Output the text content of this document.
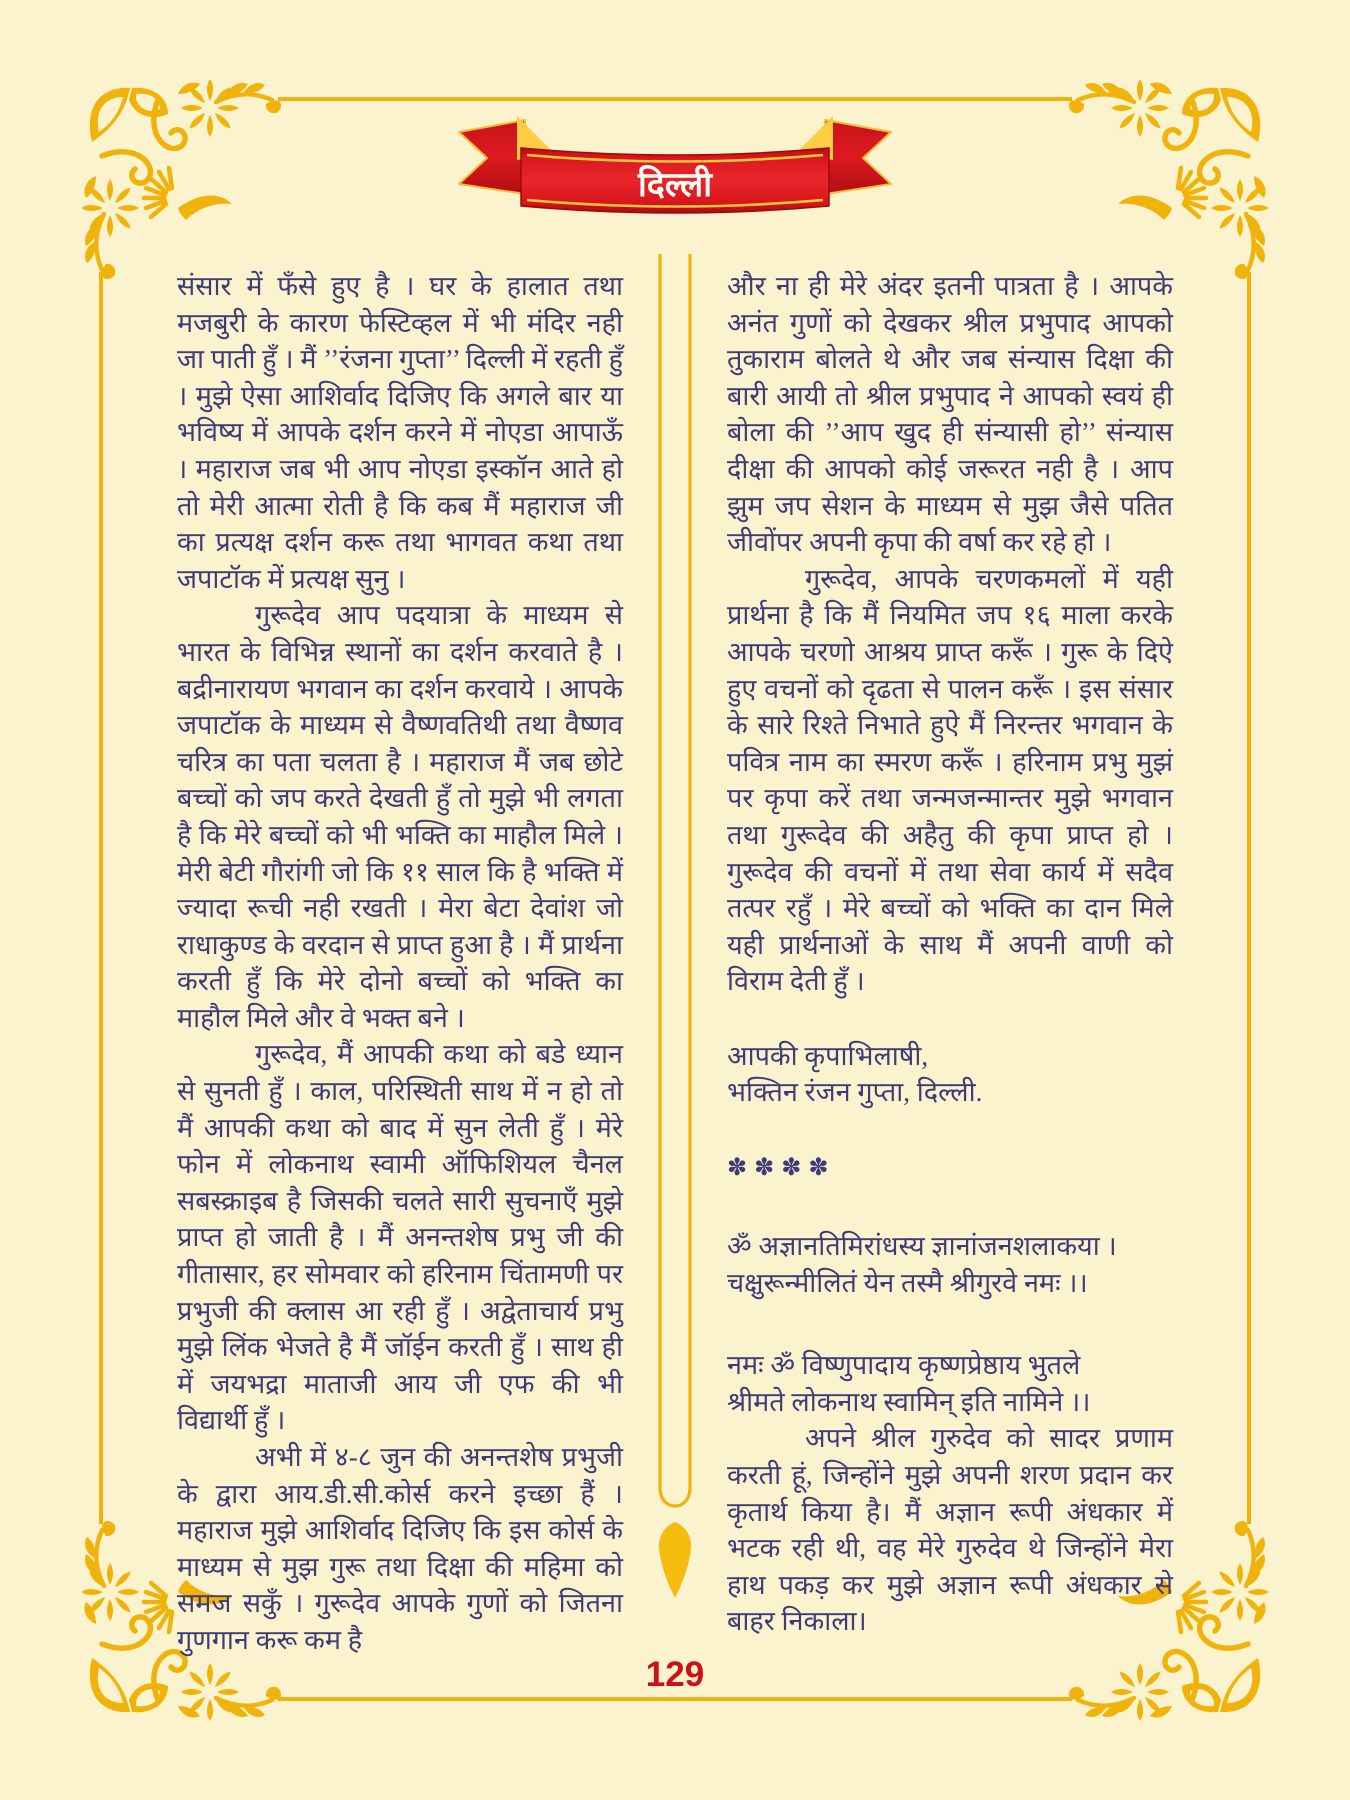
दिल्ली

संसार में फँसे हुए है । घर के हालात तथा मजबुरी के कारण फेस्टिव्हल में भी मंदिर नही जा पाती हुँ । मैं ’’रंजना गुप्ता’’ दिल्ली में रहती हुँ । मुझे ऐसा आशिर्वाद दिजिए कि अगले बार या भविष्य में आपके दर्शन करने में नोएडा आपाऊँ । महाराज जब भी आप नोएडा इस्कॉन आते हो तो मेरी आत्मा रोती है कि कब मैं महाराज जी का प्रत्यक्ष दर्शन करू तथा भागवत कथा तथा जपाटॉक में प्रत्यक्ष सुनु ।

गुरूदेव आप पदयात्रा के माध्यम से भारत के विभिन्न स्थानों का दर्शन करवाते है । बद्रीनारायण भगवान का दर्शन करवाये । आपके जपाटॉक के माध्यम से वैष्णवतिथी तथा वैष्णव चरित्र का पता चलता है । महाराज मैं जब छोटे बच्चों को जप करते देखती हुँ तो मुझे भी लगता है कि मेरे बच्चों को भी भक्ति का माहौल मिले । मेरी बेटी गौरांगी जो कि ११ साल कि है भक्ति में ज्यादा रूची नही रखती । मेरा बेटा देवांश जो राधाकुण्ड के वरदान से प्राप्त हुआ है । मैं प्रार्थना करती हुँ कि मेरे दोनो बच्चों को भक्ति का माहौल मिले और वे भक्त बने ।

गुरूदेव, मैं आपकी कथा को बडे ध्यान से सुनती हुँ । काल, परिस्थिती साथ में न हो तो मैं आपकी कथा को बाद में सुन लेती हुँ । मेरे फोन में लोकनाथ स्वामी ऑफिशियल चैनल सबस्क्राइब है जिसकी चलते सारी सुचनाएँ मुझे प्राप्त हो जाती है । मैं अनन्तशेष प्रभु जी की गीतासार, हर सोमवार को हरिनाम चिंतामणी पर प्रभुजी की क्लास आ रही हुँ । अद्वेताचार्य प्रभु मुझे लिंक भेजते है मैं जॉईन करती हुँ । साथ ही में जयभद्रा माताजी आय जी एफ की भी विद्यार्थी हुँ ।

अभी में ४-८ जुन की अनन्तशेष प्रभुजी के द्वारा आय.डी.सी.कोर्स करने इच्छा हैं । महाराज मुझे आशिर्वाद दिजिए कि इस कोर्स के माध्यम से मुझ गुरू तथा दिक्षा की महिमा को समज सकुँ । गुरूदेव आपके गुणों को जितना गुणगान करू कम है

और ना ही मेरे अंदर इतनी पात्रता है । आपके अनंत गुणों को देखकर श्रील प्रभुपाद आपको तुकाराम बोलते थे और जब संन्यास दिक्षा की बारी आयी तो श्रील प्रभुपाद ने आपको स्वयं ही बोला की ’’आप खुद ही संन्यासी हो’’ संन्यास दीक्षा की आपको कोई जरूरत नही है । आप झुम जप सेशन के माध्यम से मुझ जैसे पतित जीवोंपर अपनी कृपा की वर्षा कर रहे हो ।

गुरूदेव, आपके चरणकमलों में यही प्रार्थना है कि मैं नियमित जप १६ माला करके आपके चरणो आश्रय प्राप्त करूँ । गुरू के दिऐ हुए वचनों को दृढता से पालन करूँ । इस संसार के सारे रिश्ते निभाते हुऐ मैं निरन्तर भगवान के पवित्र नाम का स्मरण करूँ । हरिनाम प्रभु मुझं पर कृपा करें तथा जन्मजन्मान्तर मुझे भगवान तथा गुरूदेव की अहैतु की कृपा प्राप्त हो । गुरूदेव की वचनों में तथा सेवा कार्य में सदैव तत्पर रहुँ । मेरे बच्चों को भक्ति का दान मिले यही प्रार्थनाओं के साथ मैं अपनी वाणी को विराम देती हुँ ।

आपकी कृपाभिलाषी,

भक्तिन रंजन गुप्ता, दिल्ली.

✽✽✽✽

ॐ अज्ञानतिमिरांधस्य ज्ञानांजनशलाकया ।

चक्षुरून्मीलितं येन तस्मै श्रीगुरवे नमः ।।

नमः ॐ विष्णुपादाय कृष्णप्रेष्ठाय भुतले

श्रीमते लोकनाथ स्वामिन् इति नामिने ।।

अपने श्रील गुरुदेव को सादर प्रणाम करती हूं, जिन्होंने मुझे अपनी शरण प्रदान कर कृतार्थ किया है। मैं अज्ञान रूपी अंधकार में भटक रही थी, वह मेरे गुरुदेव थे जिन्होंने मेरा हाथ पकड़ कर मुझे अज्ञान रूपी अंधकार से बाहर निकाला।

129
